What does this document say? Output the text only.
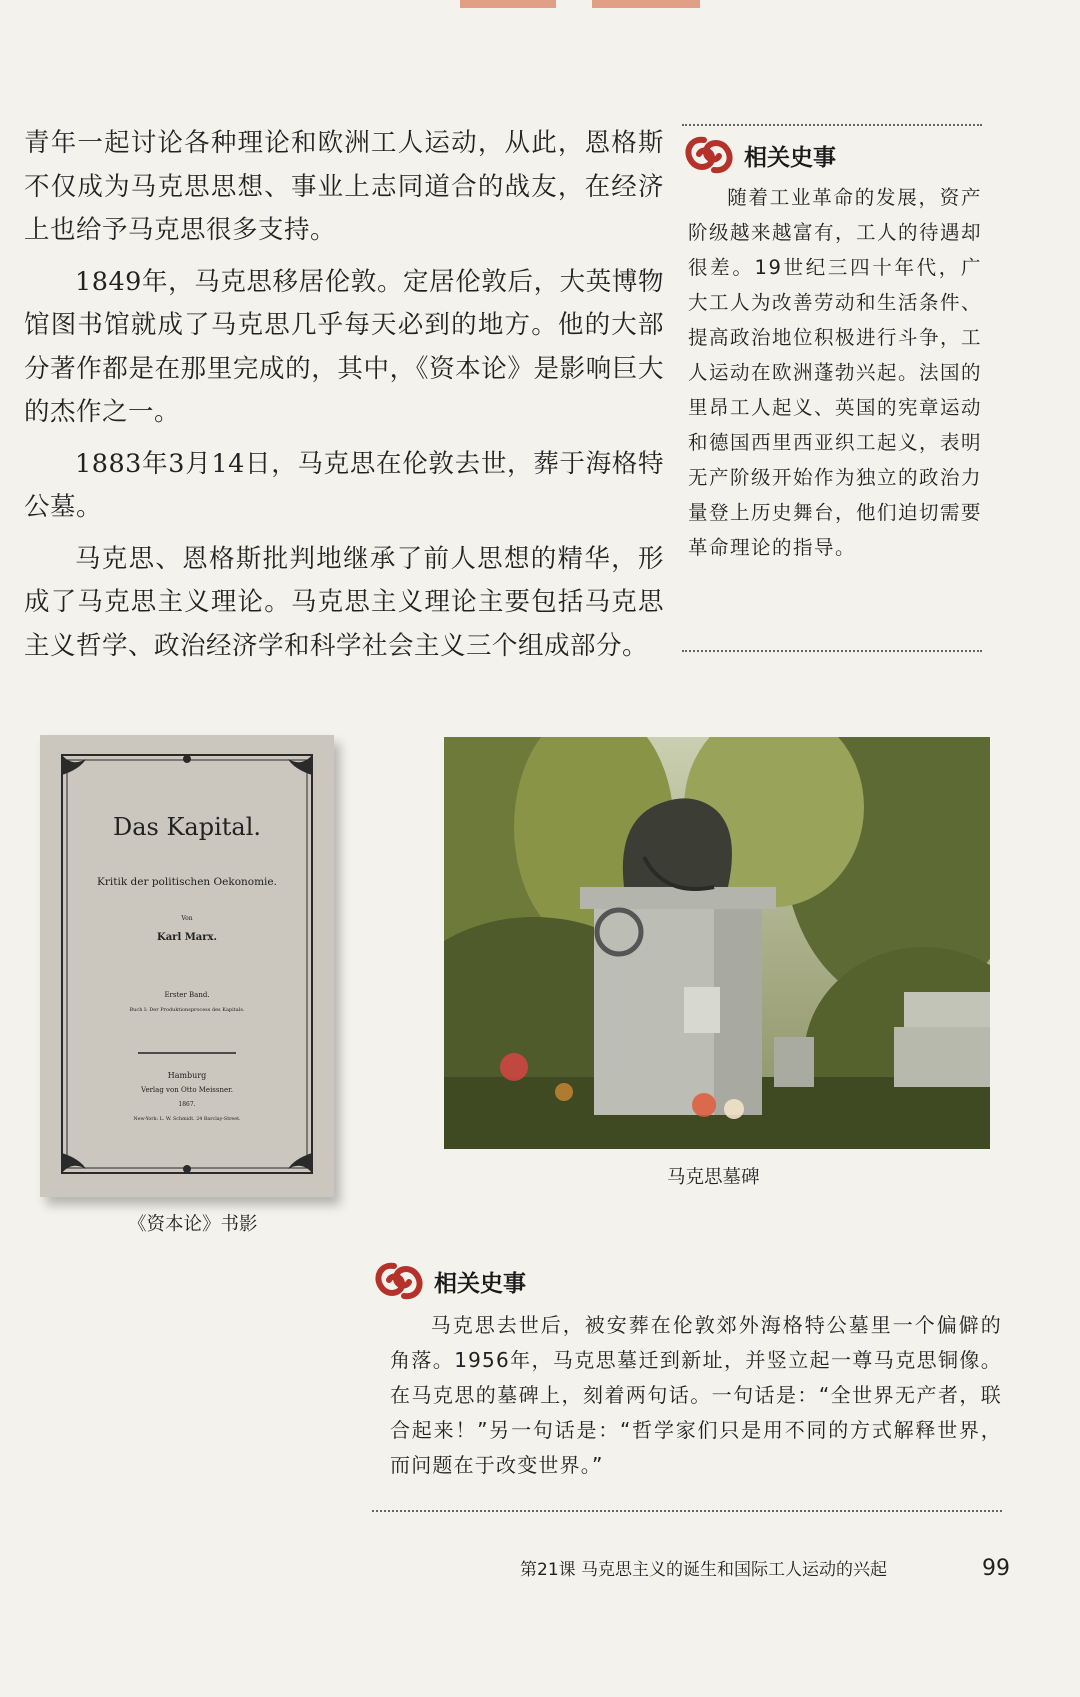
青年一起讨论各种理论和欧洲工人运动，从此，恩格斯不仅成为马克思思想、事业上志同道合的战友，在经济上也给予马克思很多支持。

1849年，马克思移居伦敦。定居伦敦后，大英博物馆图书馆就成了马克思几乎每天必到的地方。他的大部分著作都是在那里完成的，其中，《资本论》是影响巨大的杰作之一。

1883年3月14日，马克思在伦敦去世，葬于海格特公墓。

马克思、恩格斯批判地继承了前人思想的精华，形成了马克思主义理论。马克思主义理论主要包括马克思主义哲学、政治经济学和科学社会主义三个组成部分。

相关史事
随着工业革命的发展，资产阶级越来越富有，工人的待遇却很差。19世纪三四十年代，广大工人为改善劳动和生活条件、提高政治地位积极进行斗争，工人运动在欧洲蓬勃兴起。法国的里昂工人起义、英国的宪章运动和德国西里西亚织工起义，表明无产阶级开始作为独立的政治力量登上历史舞台，他们迫切需要革命理论的指导。
Das Kapital.
Kritik der politischen Oekonomie.
Von
Karl Marx.
Erster Band.
Buch I: Der Produktionsprocess des Kapitals.
Hamburg
Verlag von Otto Meissner.
1867.
New-York: L. W. Schmidt. 24 Barclay-Street.
《资本论》书影
马克思墓碑
相关史事
马克思去世后，被安葬在伦敦郊外海格特公墓里一个偏僻的角落。1956年，马克思墓迁到新址，并竖立起一尊马克思铜像。在马克思的墓碑上，刻着两句话。一句话是：“全世界无产者，联合起来！”另一句话是：“哲学家们只是用不同的方式解释世界，而问题在于改变世界。”
第21课 马克思主义的诞生和国际工人运动的兴起	99
